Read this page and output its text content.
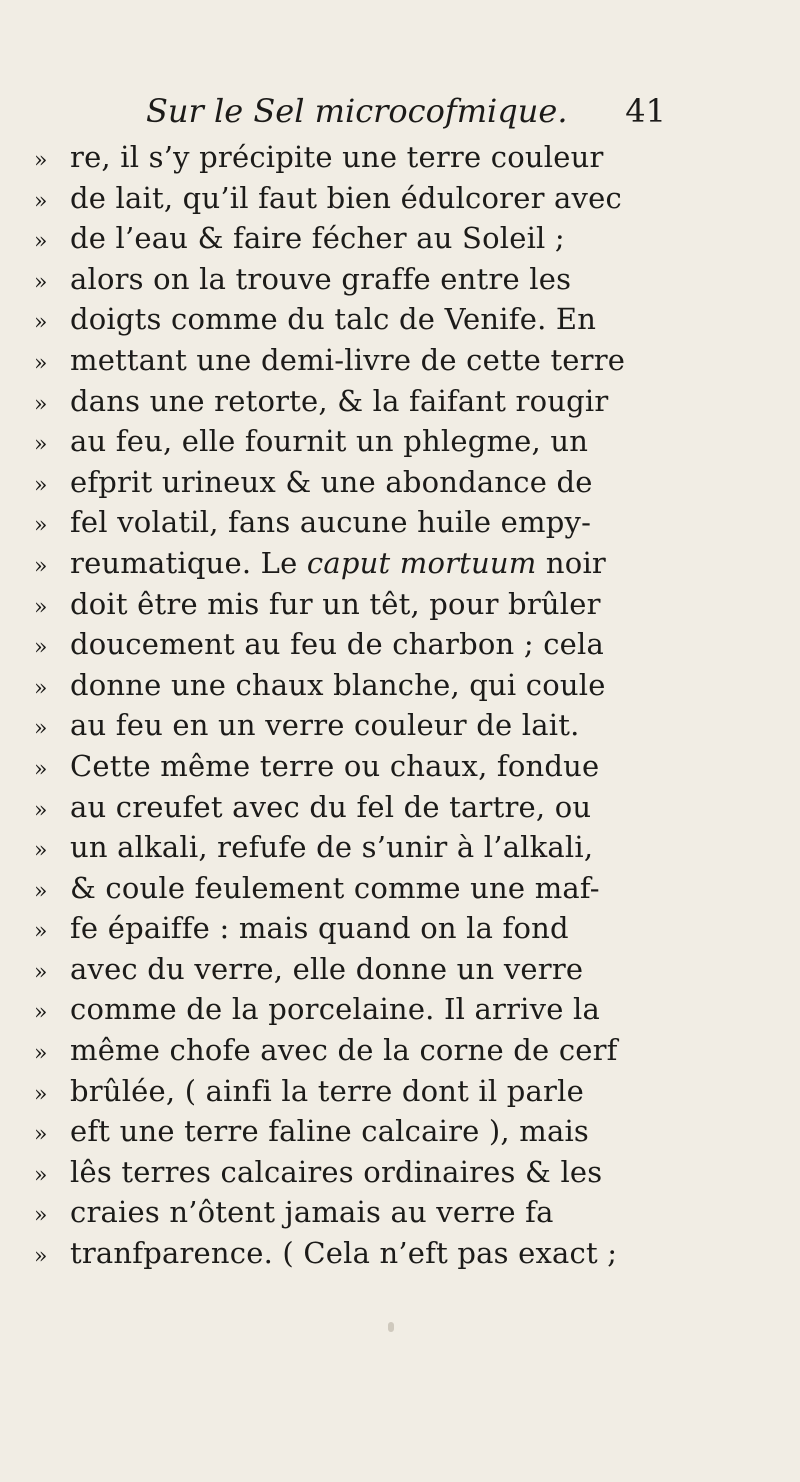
Sur le Sel microcofmique. 41
» re, il s’y précipite une terre couleur
» de lait, qu’il faut bien édulcorer avec
» de l’eau & faire fécher au Soleil ;
» alors on la trouve graffe entre les
» doigts comme du talc de Venife. En
» mettant une demi-livre de cette terre
» dans une retorte, & la faifant rougir
» au feu, elle fournit un phlegme, un
» efprit urineux & une abondance de
» fel volatil, fans aucune huile empy-
» reumatique. Le caput mortuum noir
» doit être mis fur un têt, pour brûler
» doucement au feu de charbon ; cela
» donne une chaux blanche, qui coule
» au feu en un verre couleur de lait.
» Cette même terre ou chaux, fondue
» au creufet avec du fel de tartre, ou
» un alkali, refufe de s’unir à l’alkali,
» & coule feulement comme une maf-
» fe épaiffe : mais quand on la fond
» avec du verre, elle donne un verre
» comme de la porcelaine. Il arrive la
» même chofe avec de la corne de cerf
» brûlée, ( ainfi la terre dont il parle
» eft une terre faline calcaire ), mais
» lês terres calcaires ordinaires & les
» craies n’ôtent jamais au verre fa
» tranfparence. ( Cela n’eft pas exact ;
